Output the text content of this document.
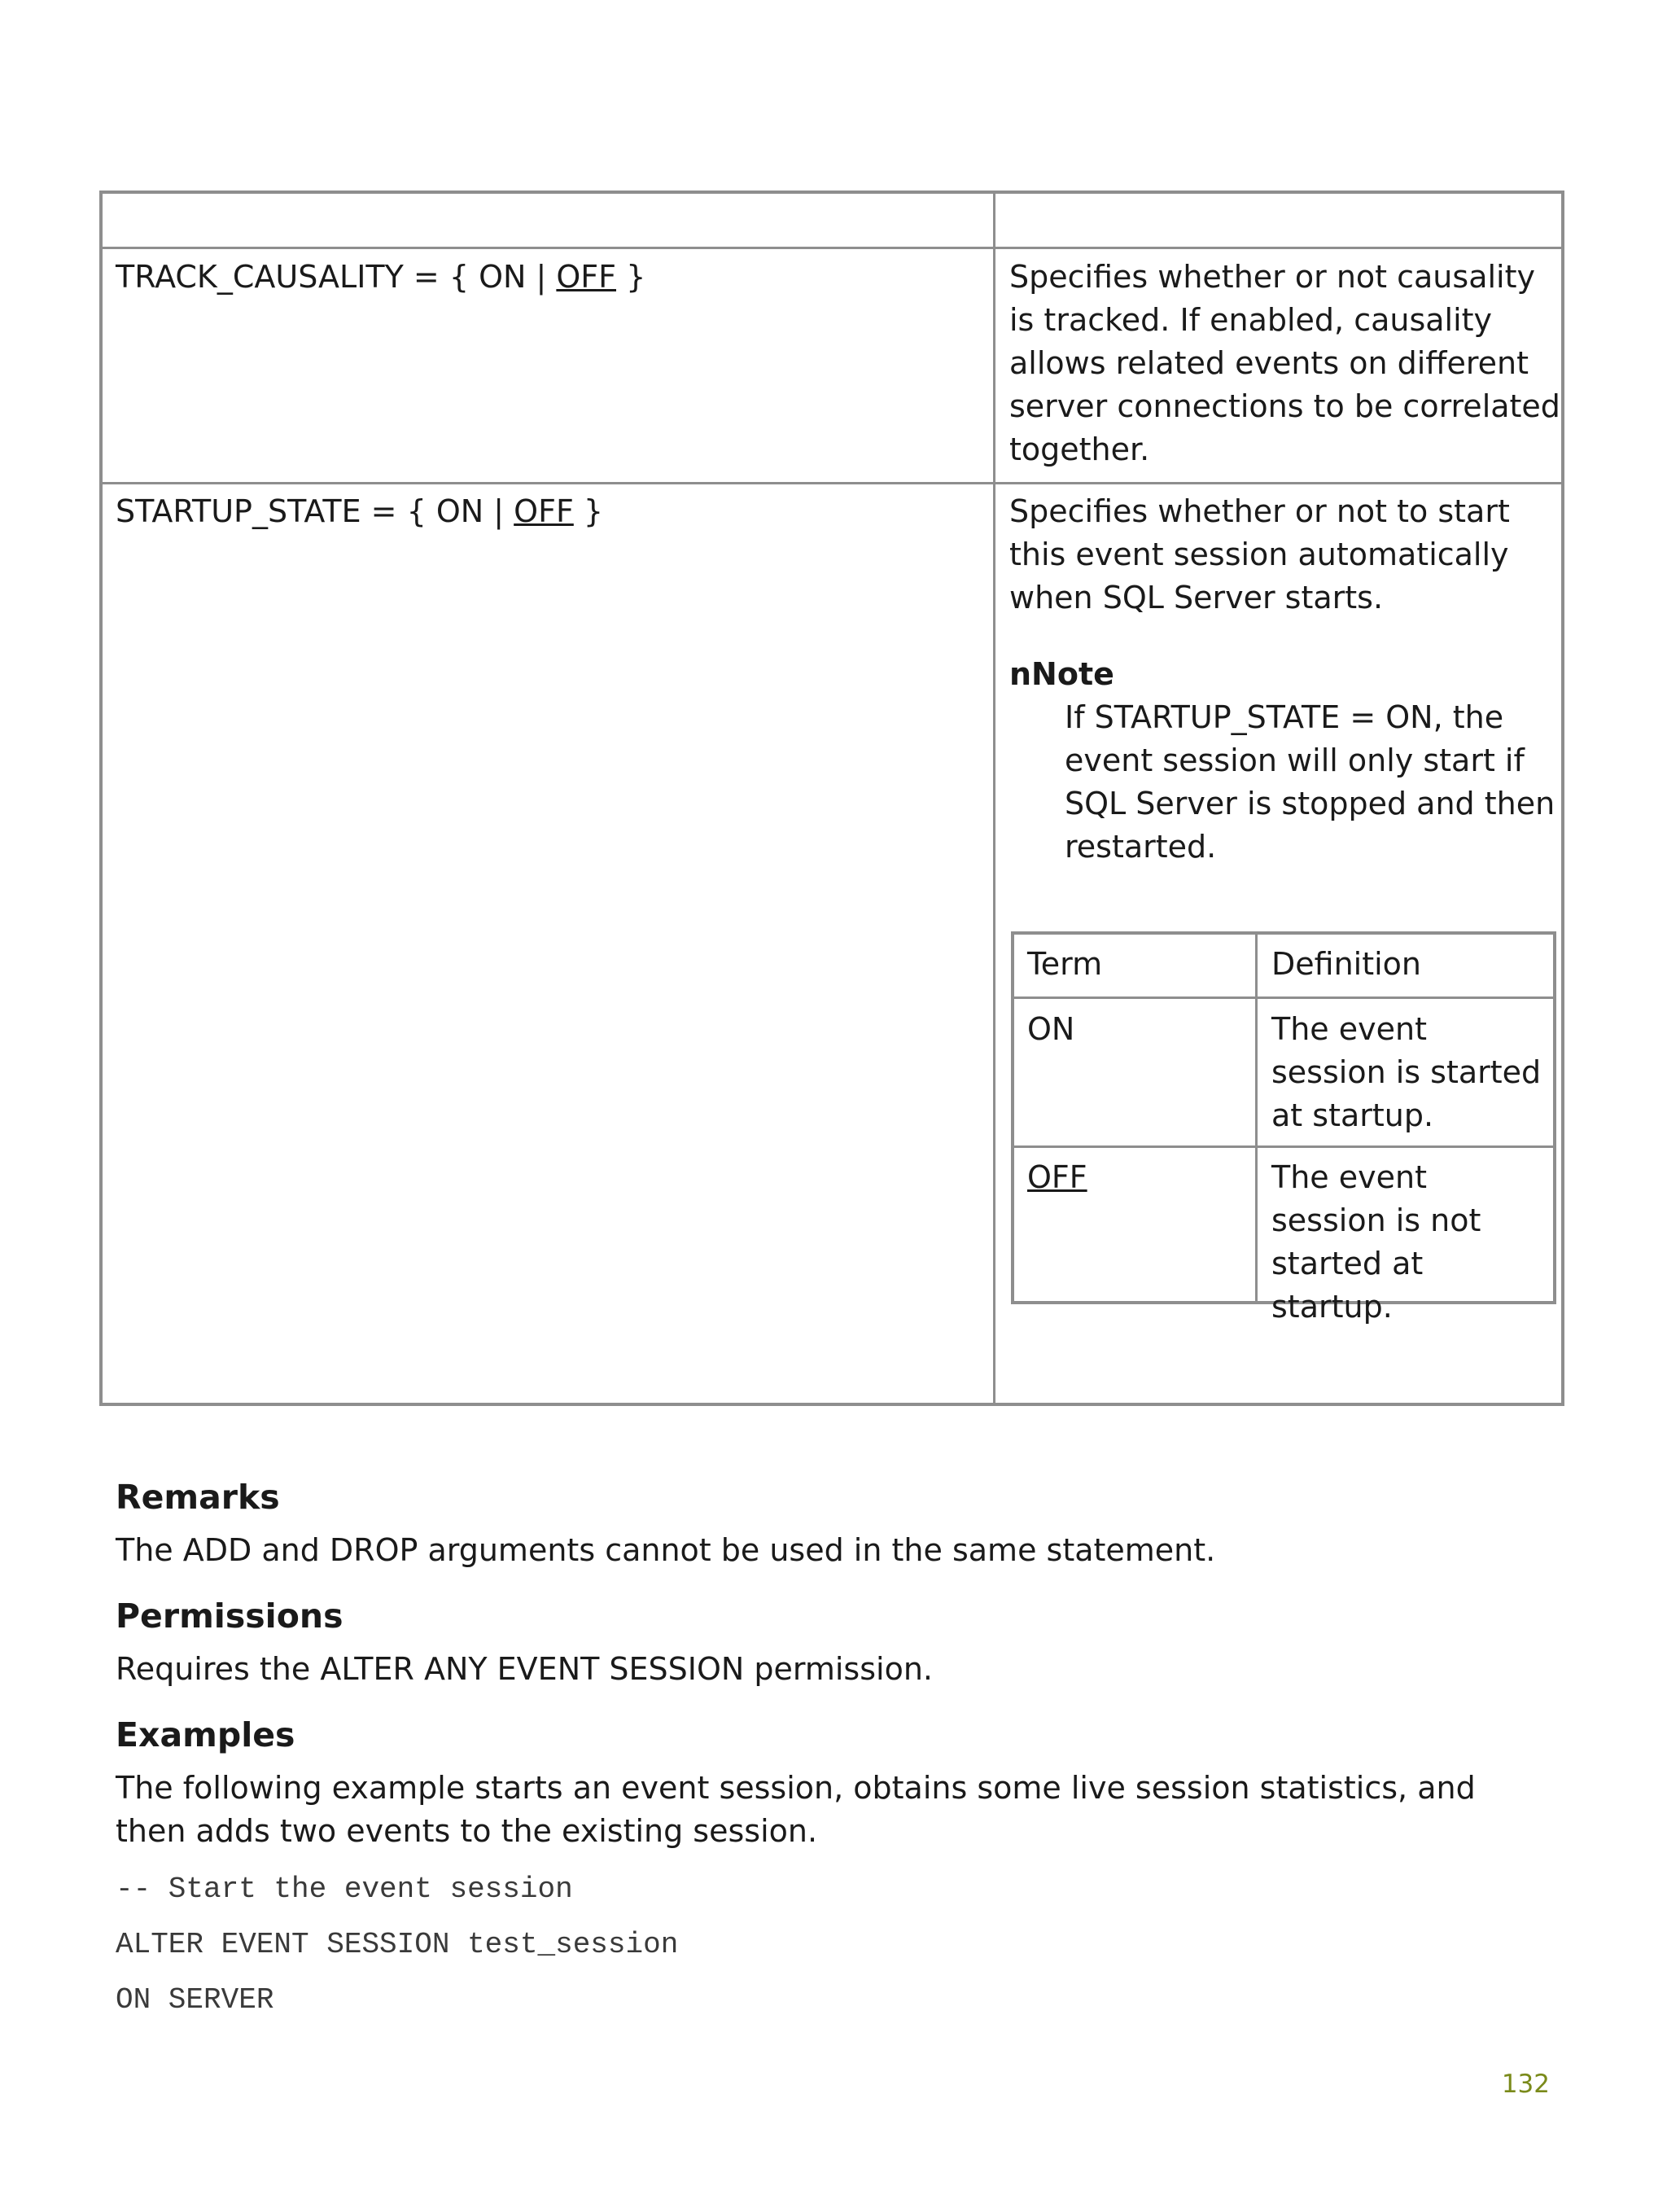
TRACK_CAUSALITY = { ON | OFF }	Specifies whether or not causality is tracked. If enabled, causality allows related events on different server connections to be correlated together.
STARTUP_STATE = { ON | OFF }	Specifies whether or not to start this event session automatically when SQL Server starts.
nNote
If STARTUP_STATE = ON, the event session will only start if SQL Server is stopped and then restarted.
Term	Definition
ON	The event session is started at startup.
OFF	The event session is not started at startup.
Remarks
The ADD and DROP arguments cannot be used in the same statement.
Permissions
Requires the ALTER ANY EVENT SESSION permission.
Examples
The following example starts an event session, obtains some live session statistics, and then adds two events to the existing session.
-- Start the event session
ALTER EVENT SESSION test_session
ON SERVER
132
